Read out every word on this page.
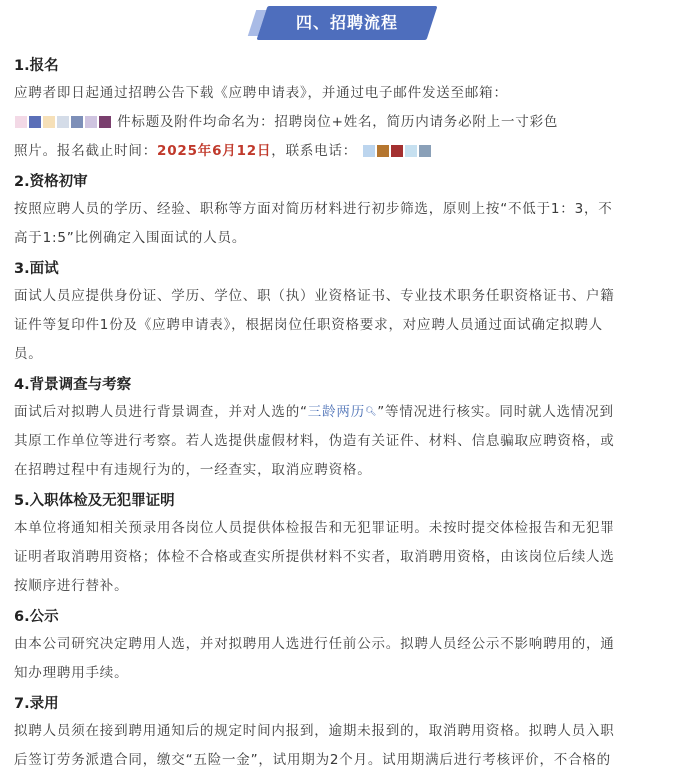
四、招聘流程
1.报名
应聘者即日起通过招聘公告下载《应聘申请表》，并通过电子邮件发送至邮箱：
件标题及附件均命名为：招聘岗位+姓名，简历内请务必附上一寸彩色
照片。报名截止时间：2025年6月12日，联系电话：
2.资格初审
按照应聘人员的学历、经验、职称等方面对简历材料进行初步筛选，原则上按“不低于1：3，不
高于1:5”比例确定入围面试的人员。
3.面试
面试人员应提供身份证、学历、学位、职（执）业资格证书、专业技术职务任职资格证书、户籍
证件等复印件1份及《应聘申请表》，根据岗位任职资格要求，对应聘人员通过面试确定拟聘人
员。
4.背景调查与考察
面试后对拟聘人员进行背景调查，并对人选的“三龄两历🔍︎”等情况进行核实。同时就人选情况到
其原工作单位等进行考察。若人选提供虚假材料，伪造有关证件、材料、信息骗取应聘资格，或
在招聘过程中有违规行为的，一经查实，取消应聘资格。
5.入职体检及无犯罪证明
本单位将通知相关预录用各岗位人员提供体检报告和无犯罪证明。未按时提交体检报告和无犯罪
证明者取消聘用资格；体检不合格或查实所提供材料不实者，取消聘用资格，由该岗位后续人选
按顺序进行替补。
6.公示
由本公司研究决定聘用人选，并对拟聘用人选进行任前公示。拟聘人员经公示不影响聘用的，通
知办理聘用手续。
7.录用
拟聘人员须在接到聘用通知后的规定时间内报到，逾期未报到的，取消聘用资格。拟聘人员入职
后签订劳务派遣合同，缴交“五险一金”，试用期为2个月。试用期满后进行考核评价，不合格的
